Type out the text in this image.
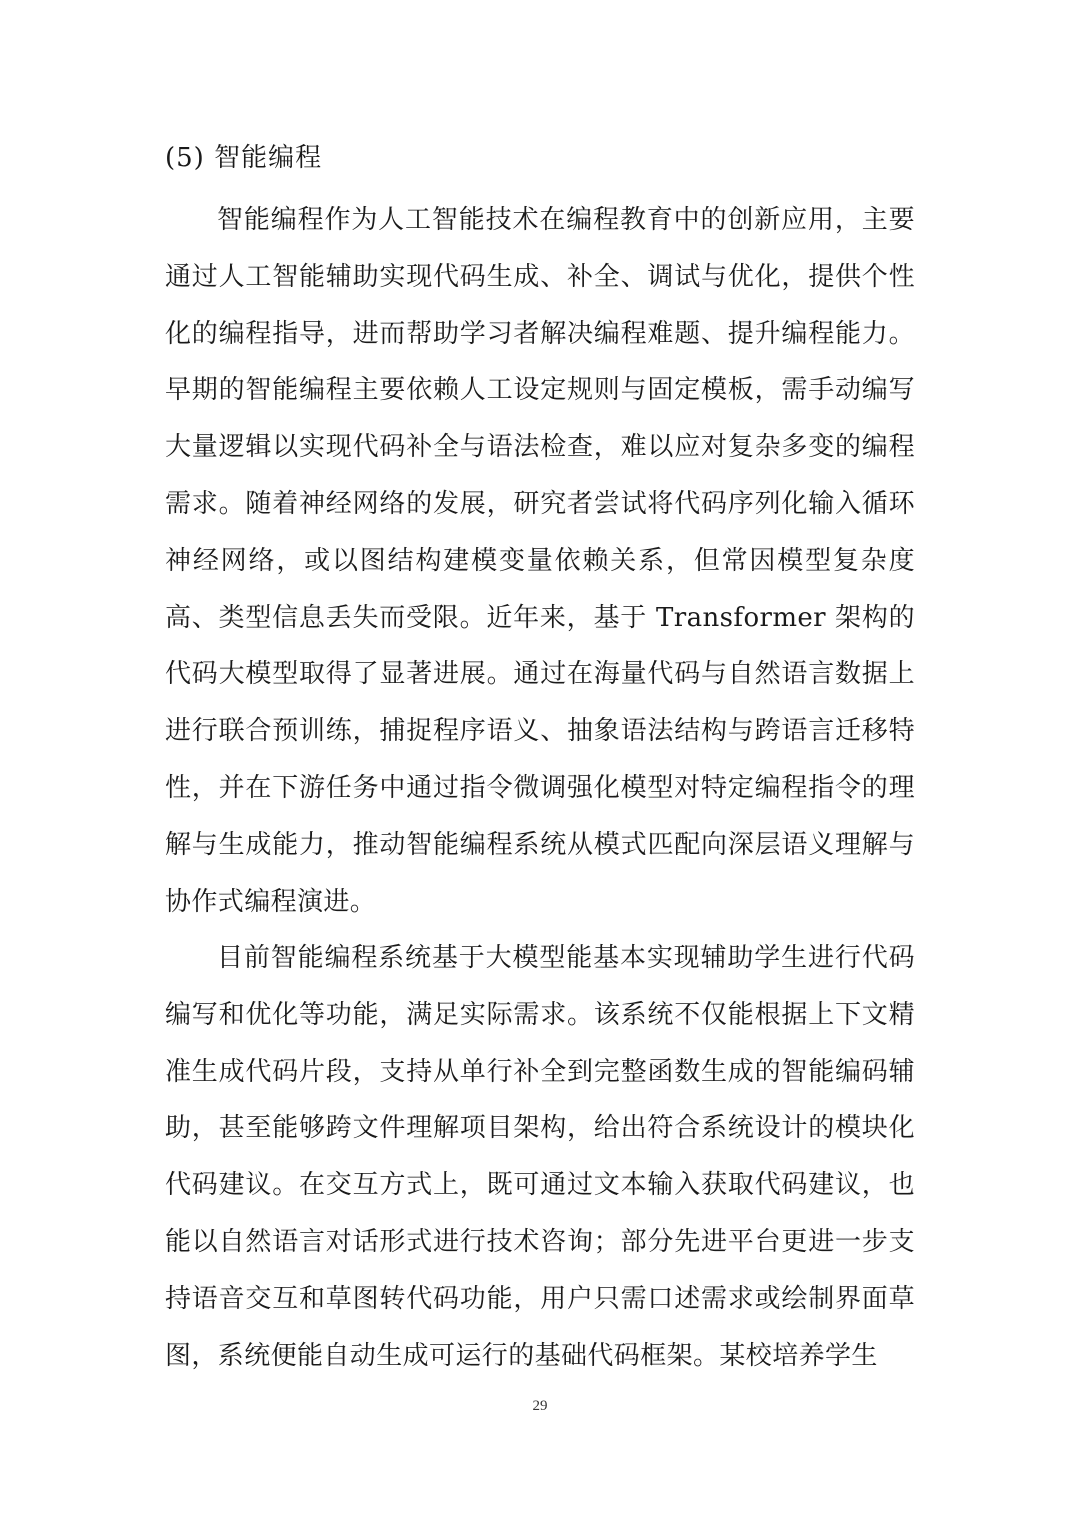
(5) 智能编程

智能编程作为人工智能技术在编程教育中的创新应用，主要通过人工智能辅助实现代码生成、补全、调试与优化，提供个性化的编程指导，进而帮助学习者解决编程难题、提升编程能力。早期的智能编程主要依赖人工设定规则与固定模板，需手动编写大量逻辑以实现代码补全与语法检查，难以应对复杂多变的编程需求。随着神经网络的发展，研究者尝试将代码序列化输入循环神经网络，或以图结构建模变量依赖关系，但常因模型复杂度高、类型信息丢失而受限。近年来，基于 Transformer 架构的代码大模型取得了显著进展。通过在海量代码与自然语言数据上进行联合预训练，捕捉程序语义、抽象语法结构与跨语言迁移特性，并在下游任务中通过指令微调强化模型对特定编程指令的理解与生成能力，推动智能编程系统从模式匹配向深层语义理解与协作式编程演进。

目前智能编程系统基于大模型能基本实现辅助学生进行代码编写和优化等功能，满足实际需求。该系统不仅能根据上下文精准生成代码片段，支持从单行补全到完整函数生成的智能编码辅助，甚至能够跨文件理解项目架构，给出符合系统设计的模块化代码建议。在交互方式上，既可通过文本输入获取代码建议，也能以自然语言对话形式进行技术咨询；部分先进平台更进一步支持语音交互和草图转代码功能，用户只需口述需求或绘制界面草图，系统便能自动生成可运行的基础代码框架。某校培养学生

29
